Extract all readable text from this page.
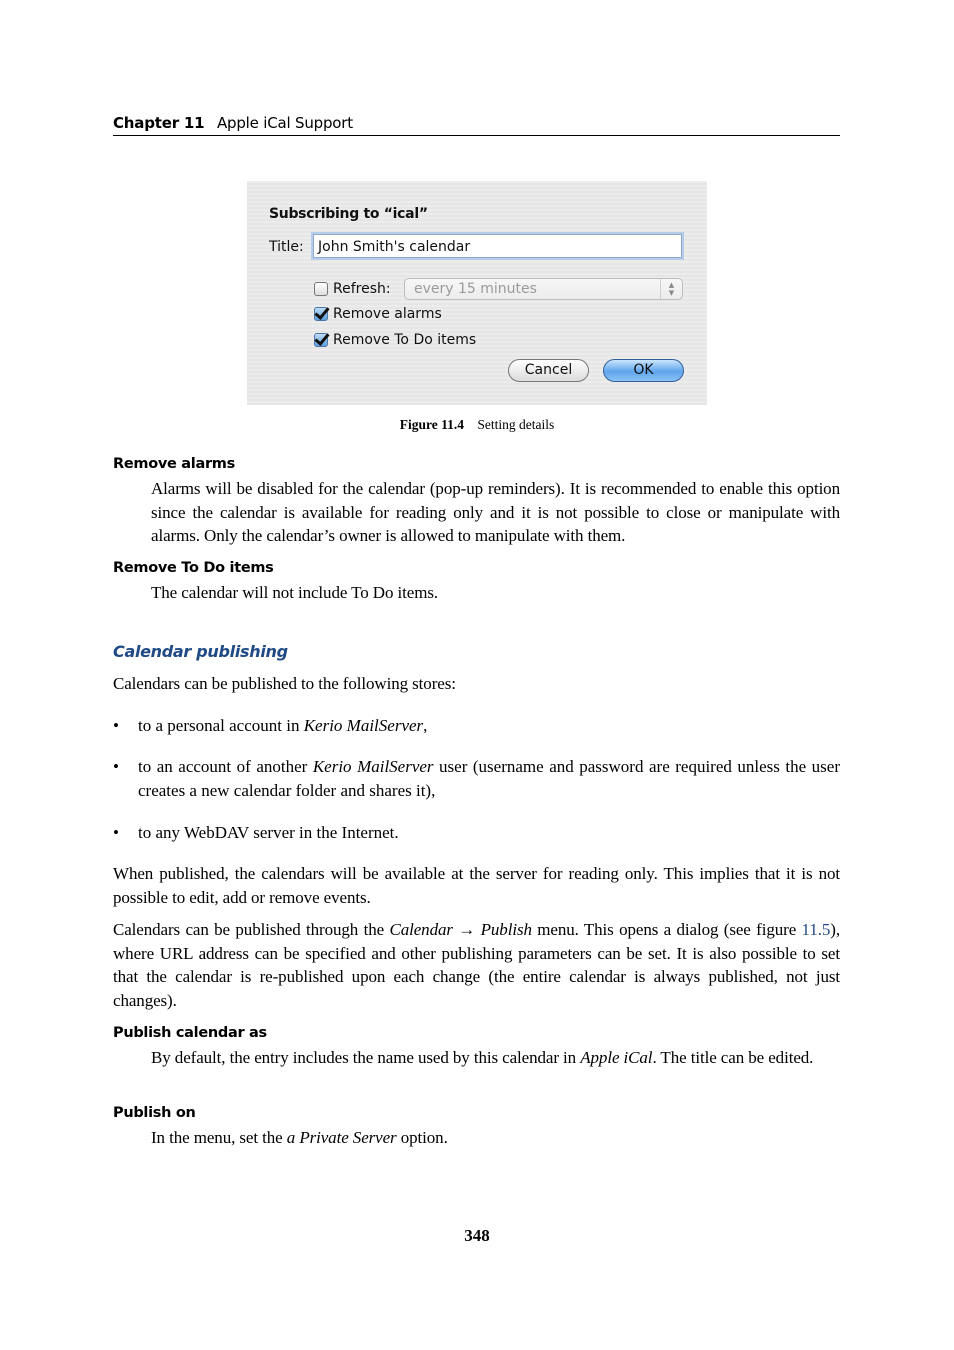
Chapter 11 Apple iCal Support
Subscribing to “ical”
Title:	John Smith's calendar
Refresh:	every 15 minutes	▲
▼
Remove alarms
Remove To Do items
Cancel	OK
Figure 11.4 Setting details
Remove alarms
Alarms will be disabled for the calendar (pop-up reminders). It is recommended to enable this option since the calendar is available for reading only and it is not possible to close or manipulate with alarms. Only the calendar’s owner is allowed to manipulate with them.
Remove To Do items
The calendar will not include To Do items.
Calendar publishing
Calendars can be published to the following stores:
• to a personal account in Kerio MailServer,
• to an account of another Kerio MailServer user (username and password are required unless the user creates a new calendar folder and shares it),
• to any WebDAV server in the Internet.
When published, the calendars will be available at the server for reading only. This implies that it is not possible to edit, add or remove events.
Calendars can be published through the Calendar → Publish menu. This opens a dialog (see figure 11.5), where URL address can be specified and other publishing parameters can be set. It is also possible to set that the calendar is re-published upon each change (the entire calendar is always published, not just changes).
Publish calendar as
By default, the entry includes the name used by this calendar in Apple iCal. The title can be edited.
Publish on
In the menu, set the a Private Server option.
348
